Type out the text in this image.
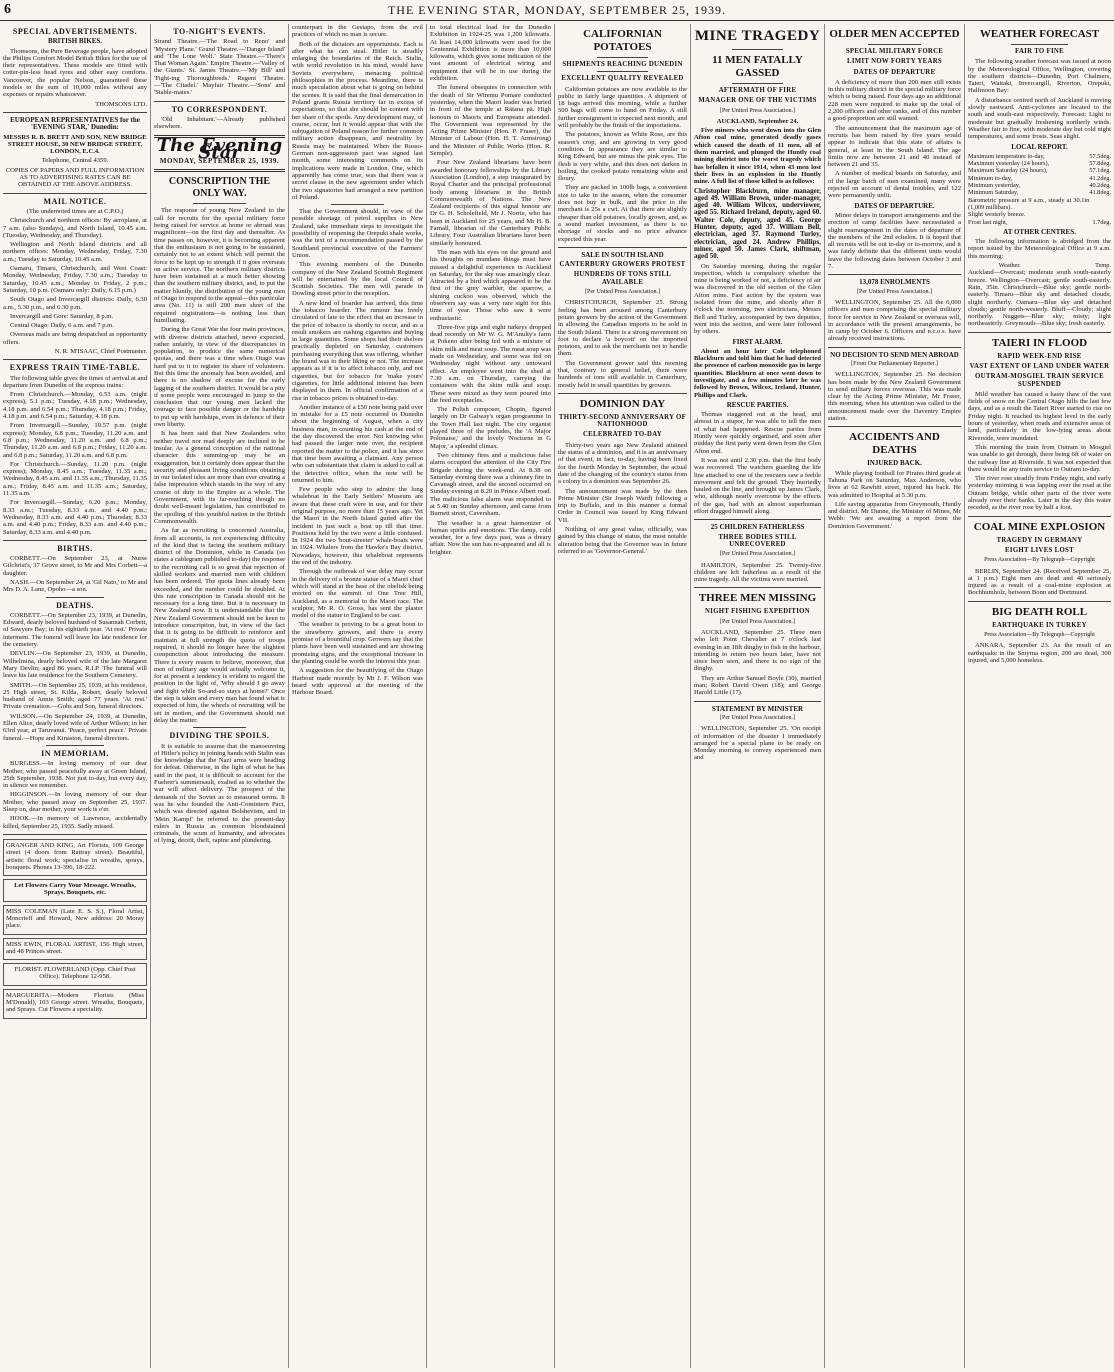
6	THE EVENING STAR, MONDAY, SEPTEMBER 25, 1939.
SPECIAL ADVERTISEMENTS.
BRITISH BIKES.

Thomsons, the Pure Beverage people, have adopted the Philips Comfort Model British Bikes for the use of their representatives. These models are fitted with cotter-pin-less head tyres and other easy comforts. Vancouver, the popular Nelson, guaranteed these models to the sum of 10,000 miles without any expenses or repairs whatsoever.

THOMSONS LTD.

EUROPEAN REPRESENTATIVES for the 'EVENING STAR,' Dunedin:

MESSRS R. B. BRETT AND SON, NEW BRIDGE STREET HOUSE, 30 NEW BRIDGE STREET, LONDON, E.C.4.

Telephone, Central 4359.

COPIES OF PAPERS AND FULL INFORMATION AS TO ADVERTISING RATES CAN BE OBTAINED AT THE ABOVE ADDRESS.

MAIL NOTICE.

(The undernoted times are at C.P.O.)

Christchurch and northern offices: By aeroplane, at 7 a.m. (also Sundays), and North Island, 10.45 a.m. (Tuesday, Wednesday, and Thursday).

Wellington and North Island districts and all northern offices: Monday, Wednesday, Friday, 7.30 a.m.; Tuesday to Saturday, 10.45 a.m.

Oamaru, Timaru, Christchurch, and West Coast: Monday, Wednesday, Friday, 7.30 a.m.; Tuesday to Saturday, 10.45 a.m.; Monday to Friday, 2 p.m.; Saturday, 10 p.m. (Oamaru only: Daily, 6.15 p.m.)

South Otago and Invercargill districts: Daily, 6.30 a.m., 5.30 p.m., and 6.30 p.m.

Invercargill and Gore: Saturday, 8 p.m.

Central Otago: Daily, 6 a.m. and 7 p.m.

Overseas mails are being despatched as opportunity offers.

N. R. M'ISAAC, Chief Postmaster.

EXPRESS TRAIN TIME-TABLE.

The following table gives the times of arrival at and departure from Dunedin of the express trains:

From Christchurch.—Monday, 6.53 a.m. (night express), 5.1 p.m.; Tuesday, 4.18 p.m.; Wednesday, 4.18 p.m. and 6.54 p.m.; Thursday, 4.18 p.m.; Friday, 4.18 p.m. and 6.54 p.m.; Saturday, 4.18 p.m.

From Invercargill.—Sunday, 10.57 p.m. (night express); Monday, 6.8 p.m.; Tuesday, 11.20 a.m. and 6.8 p.m.; Wednesday, 11.20 a.m. and 6.8 p.m.; Thursday, 11.20 a.m. and 6.8 p.m.; Friday, 11.20 a.m. and 6.8 p.m.; Saturday, 11.20 a.m. and 6.8 p.m.

For Christchurch.—Sunday, 11.20 p.m. (night express); Monday, 8.45 a.m.; Tuesday, 11.35 a.m.; Wednesday, 8.45 a.m. and 11.35 a.m.; Thursday, 11.35 a.m.; Friday, 8.45 a.m. and 11.35 a.m.; Saturday, 11.35 a.m.

For Invercargill.—Sunday, 6.20 p.m.; Monday, 8.33 a.m.; Tuesday, 8.33 a.m. and 4.40 p.m.; Wednesday, 8.33 a.m. and 4.40 p.m.; Thursday, 8.33 a.m. and 4.40 p.m.; Friday, 8.33 a.m. and 4.40 p.m.; Saturday, 8.33 a.m. and 4.40 p.m.

BIRTHS.

CORBETT.—On September 23, at Nurse Gilchrist's, 37 Grove street, to Mr and Mrs Corbett—a daughter.

NASH.—On September 24, at 'Gil Nato,' to Mr and Mrs D. A. Lane, Opoho—a son.

DEATHS.

CORBETT.—On September 23, 1939, at Dunedin, Edward, dearly beloved husband of Susannah Corbett, of Sawyers Bay; in his eightieth year. 'At rest.' Private interment. The funeral will leave his late residence for the cemetery.

DEVLIN.—On September 23, 1939, at Dunedin, Wilhelmina, dearly beloved wife of the late Margaret Mary Devlin; aged 86 years. R.I.P. The funeral will leave his late residence for the Southern Cemetery.

SMITH.—On September 25, 1939, at his residence, 25 High street, St. Kilda, Robert, dearly beloved husband of Annie Smith; aged 77 years. 'At rest.' Private cremation.—Gobs and Son, funeral directors.

WILSON.—On September 24, 1939, at Dunedin, Ellen Alice, dearly loved wife of Arthur Wilson; in her 63rd year, at Taruvanui. 'Peace, perfect peace.' Private funeral.—Hope and Kinaston, funeral directors.

IN MEMORIAM.

BURGESS.—In loving memory of our dear Mother, who passed peacefully away at Green Island, 25th September, 1938. Not just to-day, but every day, in silence we remember.

HIGGINSON.—In loving memory of our dear Mother, who passed away on September 25, 1937. Sleep on, dear mother, your work is o'er.

HOOK.—In memory of Lawrence, accidentally killed, September 25, 1935. Sadly missed.

GRANGER AND KING, Art Florists, 109 George street (4 doors from Rattray street). Beautiful, artistic floral work; specialise in wreaths, sprays, bouquets. Phones 13-396, 18-222.

Let Flowers Carry Your Message. Wreaths, Sprays, Bouquets, etc.

MISS COLEMAN (Late E. S. S.), Floral Artist, Moncrieff and Howard, New address: 20 Moray place.

MISS EWIN, FLORAL ARTIST, 156 High street, and 48 Princes street.

FLORIST. FLOWERLAND (Opp. Chief Post Office). Telephone 12-958.

MARGUERITA.—Modern Florists (Miss M'Donald), 103 George street. Wreaths, Bouquets, and Sprays. Cut Flowers a speciality.

TO-NIGHT'S EVENTS.

Strand Theatre.—'The Road to Reno' and 'Mystery Plane.' Grand Theatre.—'Danger Island' and 'The Lone Wolf.' State Theatre.—'There's That Woman Again.' Empire Theatre.—'Valley of the Giants.' St. James Theatre.—'My Bill' and 'Fight-ing Thoroughbreds.' Regent Theatre.—'The Citadel.' Mayfair Theatre.—'Sons' and 'Stable-mates.'

TO CORRESPONDENT.

'Old Inhabitant.'—Already published elsewhere.

The Evening Star
MONDAY, SEPTEMBER 25, 1939.
CONSCRIPTION THE ONLY WAY.

The response of young New Zealand to the call for recruits for the special military force being raised for service at home or abroad was magnificent—on the first day and thereafter. As time passes on, however, it is becoming apparent that the enthusiasm is not going to be sustained, certainly not to an extent which will permit the force to be kept up to strength if it goes overseas on active service. The northern military districts have been sustained at a much better showing than the southern military district, and, to put the matter bluntly, the distribution of the young men of Otago to respond to the appeal—this particular area (No. 11) is still 200 men short of the required registrations—is nothing less than humiliating.

During the Great War the four main provinces, with diverse districts attached, never expected, rather unfairly, in view of the discrepancies in population, to produce the same numerical quotas, and there was a time when Otago was hard put to it to register its share of volunteers. But this time the anomaly has been avoided, and there is no shadow of excuse for the early lagging of the southern district. It would be a pity if some people were encouraged to jump to the conclusion that our young men lacked the courage to face possible danger or the hardship to put up with hardships, even in defence of their own liberty.

It has been said that New Zealanders who neither travel nor read deeply are inclined to be insular. As a general conception of the national character this summing-up may be an exaggeration, but it certainly does appear that the security and pleasant living conditions obtaining in our isolated isles are more than ever creating a false impression which stands in the way of any course of duty to the Empire as a whole. The Government, with its far-reaching though no doubt well-meant legislation, has contributed to the spoiling of this youthful nation in the British Commonwealth.

As far as recruiting is concerned Australia, from all accounts, is not experiencing difficulty of the kind that is facing the southern military district of the Dominion, while in Canada (so states a cablegram published to-day) the response to the recruiting call is so great that rejection of skilled workers and married men with children has been ordered. The quota lines already been exceeded, and the number could be doubled. At this rate conscription in Canada should not be necessary for a long time. But it is necessary in New Zealand now. It is understandable that the New Zealand Government should not be keen to introduce conscription, but, in view of the fact that it is going to be difficult to reinforce and maintain at full strength the quota of troops required, it should no longer have the slightest compunction about introducing the measure. There is every reason to believe, moreover, that men of military age would actually welcome it, for at present a tendency is evident to regard the position in the light of, 'Why should I go away and fight while So-and-so stays at home?' Once the step is taken and every man has found what is expected of him, the wheels of recruiting will be set in motion, and the Government should not delay the matter.

DIVIDING THE SPOILS.

It is suitable to assume that the manoeuvring of Hitler's policy in joining hands with Stalin was the knowledge that the Nazi arms were heading for defeat. Otherwise, in the light of what he has said in the past, it is difficult to account for the Fuehrer's summersault, exalted as to whether the war will affect delivery. The prospect of the demands of the Soviet as to measured terms. It was he who founded the Anti-Comintern Pact, which was directed against Bolshevism, and in 'Mein Kampf' he referred to the present-day rulers in Russia as common bloodstained criminals, the scum of humanity, and advocates of lying, deceit, theft, rapine and plundering.

counterpart in the Gestapo, from the evil practices of which no man is secure.

Both of the dictators are opportunists. Each is after what he can steal. Hitler is steadily enlarging the boundaries of the Reich. Stalin, with world revolution in his mind, would have Soviets everywhere, menacing political philosophies in the process. Meantime, there is much speculation about what is going on behind the scenes. It is said that the final demarcation in Poland grants Russia territory far in excess of expectations, so that she should be content with her share of the spoils. Any development may, of course, occur, but it would appear that with the subjugation of Poland reason for further common military action disappears, and neutrality by Russia may be maintained. When the Russo-German non-aggression pact was signed last month, some interesting comments on its implications were made in London. One, which apparently has come true, was that there was a secret clause in the new agreement under which the two signatories had arranged a new partition of Poland.

That the Government should, in view of the possible shortage of petrol supplies in New Zealand, take immediate steps to investigate the possibility of reopening the Orepuki shale works, was the text of a recommendation passed by the Southland provincial executive of the Farmers' Union.

This evening members of the Dunedin company of the New Zealand Scottish Regiment will be entertained by the local Council of Scottish Societies. The men will parade in Dowling street prior to the reception.

A new kind of boarder has arrived, this time the tobacco hoarder. The rumour has freely circulated of late to the effect that an increase in the price of tobacco is shortly to occur, and as a result smokers are rushing cigarettes and buying in large quantities. Some shops had their shelves practically depleted on Saturday, customers purchasing everything that was offering, whether the brand was to their liking or not. The increase appears as if it is to affect tobacco only, and not cigarettes, but for tobacco for 'make yours' cigarettes, for little additional interest has been displayed in them. In official confirmation of a rise in tobacco prices is obtained to-day.

Another instance of a £50 note being paid over in mistake for a £5 note occurred in Dunedin about the beginning of August, when a city business man, in counting his cash at the end of the day discovered the error. Not knowing who had passed the larger note over, the recipient reported the matter to the police, and it has since that time been awaiting a claimant. Any person who can substantiate that claim is asked to call at the detective office, when the note will be returned to him.

Few people who step to admire the long whaleboat in the Early Settlers' Museum are aware that these craft were in use, and for their original purpose, no more than 15 years ago. Yet the Maori in the North Island gutted after the incident in just such a boat up till that time. Positions held by the two were a little confused. In 1924 the two 'bout-streeter' whale-boats were in 1924. Whalers from the Hawke's Bay district. Nowadays, however, this whaleboat represents the end of the industry.

Through the outbreak of war delay may occur in the delivery of a bronze statue of a Maori chief which will stand at the base of the obelisk being erected on the summit of One Tree Hill, Auckland, as a memorial to the Maori race. The sculptor, Mr R. O. Gross, has sent the plaster model of the statue to England to be cast.

The weather is proving to be a great boon to the strawberry growers, and there is every promise of a bountiful crop. Growers say that the plants have been well sustained and are showing promising signs, and the exceptional increase in the planting could be worth the interest this year.

A suggestion for the beautifying of the Otago Harbour made recently by Mr J. F. Wilson was heard with approval at the meeting of the Harbour Board.

to total electrical load for the Dunedin Exhibition in 1924-25 was 1,200 kilowatts. At least 14,000 kilowatts were used for the Centennial Exhibition is more than 10,000 kilowatts, which gives some indication of the vast amount of electrical wiring and equipment that will be in use during the exhibition.

The funeral obsequies in connection with the death of Sir Wiremu Pomare conducted yesterday, when the Maori leader was buried in front of the temple at Rātana pā. High honours to Maoris and Europeans attended. The Government was represented by the Acting Prime Minister (Hon. P. Fraser), the Minister of Labour (Hon. H. T. Armstrong) and the Minister of Public Works (Hon. R. Semple).

Four New Zealand librarians have been awarded honorary fellowships by the Library Association (London), a step inaugurated by Royal Charter and the principal professional body among librarians in the British Commonwealth of Nations. The New Zealand recipients of this signal honour are Dr G. H. Scholefield, Mr J. Norrie, who has been in Auckland for 25 years, and Mr H. B. Farnall, librarian of the Canterbury Public Library. Four Australian librarians have been similarly honoured.

The man with his eyes on the ground and his thoughts on mundane things must have missed a delightful experience in Auckland on Saturday, for the sky was amazingly clear. Attracted by a bird which appeared to be the first of the grey warbler, the sparrow, a shining cuckoo was observed, which the observers say was a very rare sight for this time of year. Those who saw it were enthusiastic.

Three-five pigs and eight turkeys dropped dead recently on Mr W. G. M'Anulty's farm at Pokeno after being fed with a mixture of skim milk and meat soup. The meat soup was made on Wednesday, and some was fed on Wednesday night without any untoward effect. An employee went into the shed at 7.30 a.m. on Thursday, carrying the containers with the skim milk and soup. These were mixed as they were poured into the feed receptacles.

The Polish composer, Chopin, figured largely on Dr Galway's organ programme in the Town Hall last night. The city organist played three of the preludes, the 'A Major Polonaise,' and the lovely 'Nocturne in G Major,' a splendid climax.

Two chimney fires and a malicious false alarm occupied the attention of the City Fire Brigade during the week-end. At 8.38 on Saturday evening there was a chimney fire in Cavanagh street, and the second occurred on Sunday evening at 8.20 in Prince Albert road. The malicious false alarm was responded to at 5.40 on Sunday afternoon, and came from Burnett street, Caversham.

The weather is a great harmonizer of human spirits and emotions. The damp, cold weather, for a few days past, was a dreary affair. Now the sun has re-appeared and all is brighter.

CALIFORNIAN POTATOES
SHIPMENTS REACHING DUNEDIN
EXCELLENT QUALITY REVEALED

Californian potatoes are now available to the public in fairly large quantities. A shipment of 18 bags arrived this morning, while a further 500 bags will come to hand on Friday. A still further consignment is expected next month, and will probably be the finish of the importations.

The potatoes, known as White Rose, are this season's crop, and are growing in very good condition. In appearance they are similar to King Edward, but are minus the pink eyes. The flesh is very white, and this does not darken in boiling, the cooked potato remaining white and floury.

They are packed in 100lb bags, a convenient size to take in the season, when the consumer does not buy in bulk, and the price to the merchant is 25s a cwt. At that there are slightly cheaper than old potatoes, locally grown, and, as a sound market investment, as there is no shortage of stocks and no price advance expected this year.

SALE IN SOUTH ISLAND
CANTERBURY GROWERS PROTEST
HUNDREDS OF TONS STILL AVAILABLE
[Per United Press Association.]

CHRISTCHURCH, September 25. Strong feeling has been aroused among Canterbury potato growers by the action of the Government in allowing the Canadian imports to be sold in the South Island. There is a strong movement on foot to declare 'a boycott' on the imported potatoes, and to ask the merchants not to handle them.

The Government grower said this morning that, contrary to general belief, there were hundreds of tons still available in Canterbury, mostly held in small quantities by growers.

DOMINION DAY
THIRTY-SECOND ANNIVERSARY OF NATIONHOOD
CELEBRATED TO-DAY

Thirty-two years ago New Zealand attained the status of a dominion, and it is an anniversary of that event, in fact, to-day, having been fixed for the fourth Monday in September, the actual date of the changing of the country's status from a colony to a dominion was September 26.

The announcement was made by the then Prime Minister (Sir Joseph Ward) following a trip to Buffalo, and in this manner a formal Order in Council was issued by King Edward VII.

Nothing of any great value, officially, was gained by this change of status, the most notable alteration being that the Governor was in future referred to as 'Governor-General.'

MINE TRAGEDY
11 MEN FATALLY GASSED
AFTERMATH OF FIRE
MANAGER ONE OF THE VICTIMS
[Per United Press Association.]

AUCKLAND, September 24.

Five miners who went down into the Glen Afton coal mine, generated deadly gases which caused the death of 11 men, all of them married, and plunged the Huntly coal mining district into the worst tragedy which has befallen it since 1914, when 43 men lost their lives in an explosion in the Huntly mine. A full list of those killed is as follows:

Christopher Blackburn, mine manager, aged 49. William Brown, under-manager, aged 40. William Wilcox, underviewer, aged 55. Richard Ireland, deputy, aged 60. Walter Cole, deputy, aged 45. George Hunter, deputy, aged 37. William Bell, electrician, aged 37. Raymond Turley, electrician, aged 24. Andrew Phillips, miner, aged 50. James Clark, shiftman, aged 50.

On Saturday morning, during the regular inspection, which is compulsory whether the mine is being worked or not, a deficiency of air was discovered in the old section of the Glen Afton mine. Fast action by the system was isolated from the mine, and shortly after 8 o'clock the morning, two electricians, Messrs Bell and Turley, accompanied by two deputies, went into the section, and were later followed by others.

FIRST ALARM.

About an hour later Cole telephoned Blackburn and told him that he had detected the presence of carbon monoxide gas in large quantities. Blackburn at once went down to investigate, and a few minutes later he was followed by Brown, Wilcox, Ireland, Hunter, Phillips and Clark.

RESCUE PARTIES.

Thomas staggered out at the head, and almost in a stupor, he was able to tell the men of what had happened. Rescue parties from Huntly were quickly organised, and soon after midday the first party went down from the Glen Afton end.

It was not until 2.30 p.m. that the first body was recovered. The watchers guarding the life line attached to one of the rescuers saw a feeble movement and felt the ground. They hurriedly hauled on the line, and brought up James Clark, who, although nearly overcome by the effects of the gas, had with an almost superhuman effort dragged himself along.

25 CHILDREN FATHERLESS
THREE BODIES STILL UNRECOVERED
[Per United Press Association.]

HAMILTON, September 25. Twenty-five children are left fatherless as a result of the mine tragedy. All the victims were married.

THREE MEN MISSING
NIGHT FISHING EXPEDITION
[Per United Press Association.]

AUCKLAND, September 25. Three men who left Point Chevalier at 7 o'clock last evening in an 18ft dinghy to fish in the harbour, intending to return two hours later, have not since been seen, and there is no sign of the dinghy.

They are Arthur Samuel Boyle (30), married man; Robert David Owen (18); and George Harold Little (17).

STATEMENT BY MINISTER
[Per United Press Association.]

WELLINGTON, September 25. 'On receipt of information of the disaster I immediately arranged for a special plane to be ready on Monday morning to convey experienced men and

OLDER MEN ACCEPTED
SPECIAL MILITARY FORCE
LIMIT NOW FORTY YEARS
DATES OF DEPARTURE

A deficiency of more than 200 men still exists in this military district in the special military force which is being raised. Four days ago an additional 228 men were required to make up the total of 2,200 officers and other ranks, and of this number a good proportion are still wanted.

The announcement that the maximum age of recruits has been raised by five years would appear to indicate that this state of affairs is general, at least in the South Island. The age limits now are between 21 and 40 instead of between 21 and 35.

A number of medical boards on Saturday, and of the large batch of men examined, many were rejected on account of dental troubles, and 122 were permanently unfit.

DATES OF DEPARTURE.

Minor delays in transport arrangements and the erection of camp facilities have necessitated a slight rearrangement in the dates of departure of the members of the 2nd echelon. It is hoped that all recruits will be out to-day or to-morrow, and it was fairly definite that the different units would leave the following dates between October 3 and 7.

13,078 ENROLMENTS
[Per United Press Association.]

WELLINGTON, September 25. All the 6,000 officers and men comprising the special military force for service in New Zealand or overseas will, in accordance with the present arrangements, be in camp by October 6. Officers and n.c.o.s. have already received instructions.

NO DECISION TO SEND MEN ABROAD
[From Our Parliamentary Reporter.]

WELLINGTON, September 25. No decision has been made by the New Zealand Government to send military forces overseas. This was made clear by the Acting Prime Minister, Mr Fraser, this morning, when his attention was called to the announcement made over the Daventry Empire station.

ACCIDENTS AND DEATHS
INJURED BACK.

While playing football for Pirates third grade at Tahuna Park on Saturday, Max Anderson, who lives at 62 Rawhiti street, injured his back. He was admitted to Hospital at 5.30 p.m.

Life saving apparatus from Greymouth, Huntly and district. Mr Dunne, the Minister of Mines, Mr Webb: 'We are awaiting a report from the Dominion Government.'

WEATHER FORECAST
FAIR TO FINE

The following weather forecast was issued at noon by the Meteorological Office, Wellington, covering the southern districts—Dunedin, Port Chalmers, Taieri, Waitaki, Invercargill, Riverton, Orepuki, Halfmoon Bay:

A disturbance centred north of Auckland is moving slowly eastward. Anti-cyclones are located to the south and south-east respectively. Forecast: Light to moderate but gradually freshening northerly winds. Weather fair to fine, with moderate day but cold night temperatures, and some frosts. Seas slight.

LOCAL REPORT.
Maximum temperature to-day,	57.5deg.
Maximum yesterday (24 hours),	57.8deg.
Maximum Saturday (24 hours),	57.1deg.
Minimum to-day,	41.2deg.
Minimum yesterday,	40.2deg.
Minimum Saturday,	41.8deg.
Barometric pressure at 9 a.m., steady at 30.1in (1,009 millibars).	
Slight westerly breeze.	
Frost last night,	1.7deg.
AT OTHER CENTRES.

The following information is abridged from the report issued by the Meteorological Office at 9 a.m. this morning:

Weather.	Temp.

Auckland—Overcast; moderate south south-easterly breeze. Wellington—Overcast; gentle south-easterly. Rain, 35in. Christchurch—Blue sky; gentle north-easterly. Timaru—Blue sky and detached clouds; slight northerly. Oamaru—Blue sky and detached clouds; gentle north-westerly. Bluff—Cloudy; slight northerly. Nuggets—Blue sky; misty; light northeasterly. Greymouth—Blue sky; fresh easterly.

TAIERI IN FLOOD
RAPID WEEK-END RISE
VAST EXTENT OF LAND UNDER WATER
OUTRAM-MOSGIEL TRAIN SERVICE SUSPENDED

Mild weather has caused a hasty thaw of the vast fields of snow on the Central Otago hills the last few days, and as a result the Taieri River started to rise on Friday night. It reached its highest level in the early hours of yesterday, when roads and extensive areas of land, particularly in the low-lying areas about Riverside, were inundated.

This morning the train from Outram to Mosgiel was unable to get through, there being 6ft of water on the railway line at Riverside. It was not expected that there would be any train service to Outram to-day.

The river rose steadily from Friday night, and early yesterday morning it was lapping over the road at the Outram bridge, while other parts of the river were already over their banks. Later in the day this water receded, as the river rose by half a foot.

COAL MINE EXPLOSION
TRAGEDY IN GERMANY
EIGHT LIVES LOST
Press Association—By Telegraph—Copyright

BERLIN, September 24. (Received September 25, at 1 p.m.) Eight men are dead and 40 seriously injured as a result of a coal-mine explosion at Bochhumholz, between Bonn and Dortmund.

BIG DEATH ROLL
EARTHQUAKE IN TURKEY
Press Association—By Telegraph—Copyright

ANKARA, September 23. As the result of an earthquake in the Smyrna region, 200 are dead, 300 injured, and 5,000 homeless.
